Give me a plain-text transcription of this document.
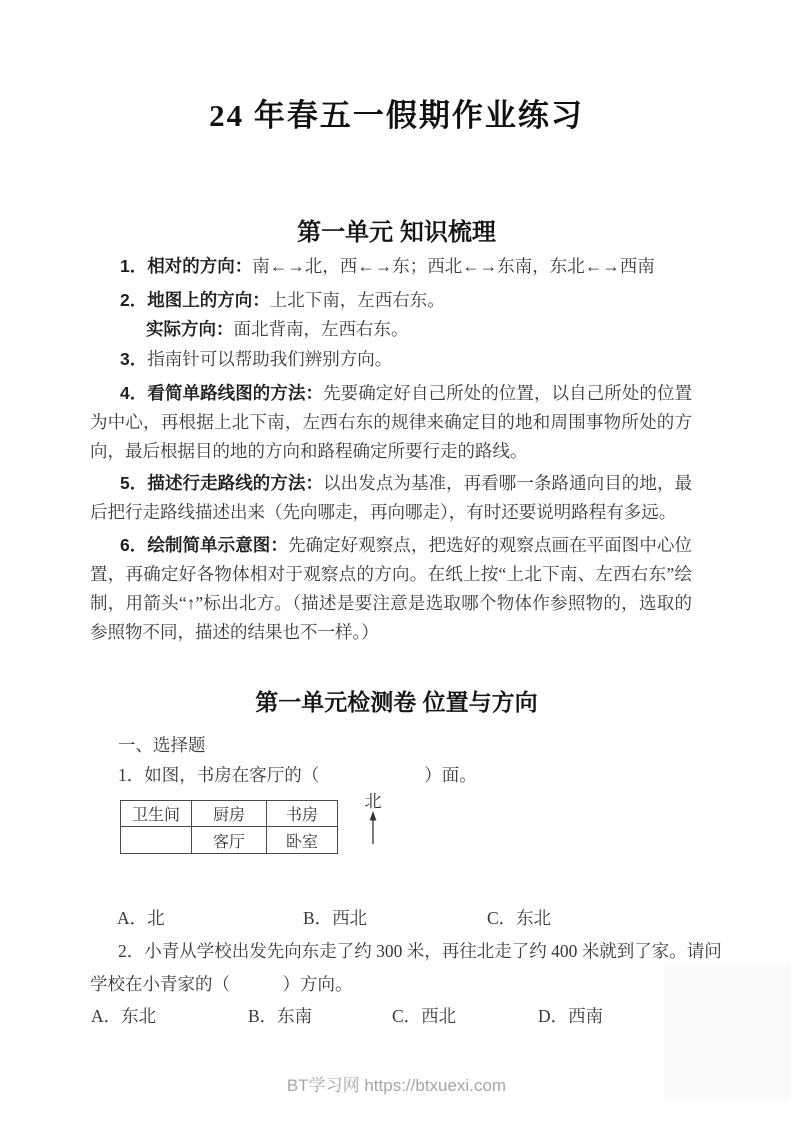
24 年春五一假期作业练习
第一单元 知识梳理

1．相对的方向：南←→北，西←→东；西北←→东南，东北←→西南

2．地图上的方向：上北下南，左西右东。

实际方向：面北背南，左西右东。

3．指南针可以帮助我们辨别方向。

4．看简单路线图的方法：先要确定好自己所处的位置，以自己所处的位置为中心，再根据上北下南，左西右东的规律来确定目的地和周围事物所处的方向，最后根据目的地的方向和路程确定所要行走的路线。

5．描述行走路线的方法：以出发点为基准，再看哪一条路通向目的地，最后把行走路线描述出来（先向哪走，再向哪走），有时还要说明路程有多远。

6．绘制简单示意图：先确定好观察点，把选好的观察点画在平面图中心位置，再确定好各物体相对于观察点的方向。在纸上按“上北下南、左西右东”绘制，用箭头“↑”标出北方。（描述是要注意是选取哪个物体作参照物的，选取的参照物不同，描述的结果也不一样。）

第一单元检测卷 位置与方向
一、选择题
1．如图，书房在客厅的（　　　　　　）面。
卫生间	厨房	书房
	客厅	卧室
北
A．北	B．西北	C．东北
2．小青从学校出发先向东走了约 300 米，再往北走了约 400 米就到了家。请问
学校在小青家的（　　　）方向。
A．东北	B．东南	C．西北	D．西南
BT学习网 https://btxuexi.com
